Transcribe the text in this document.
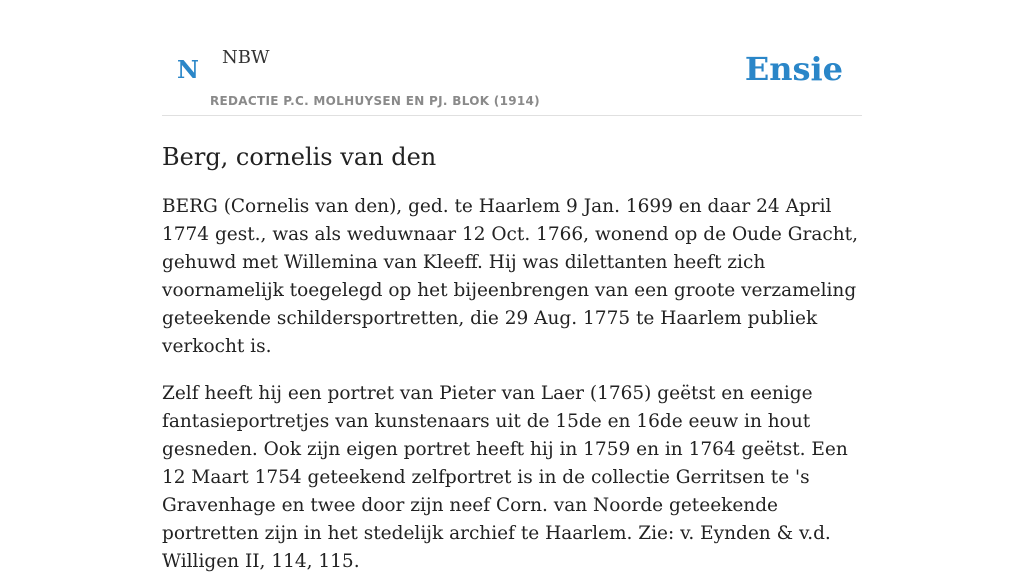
N NBW
REDACTIE P.C. MOLHUYSEN EN PJ. BLOK (1914)
Ensie
Berg, cornelis van den

BERG (Cornelis van den), ged. te Haarlem 9 Jan. 1699 en daar 24 April 1774 gest., was als weduwnaar 12 Oct. 1766, wonend op de Oude Gracht, gehuwd met Willemina van Kleeff. Hij was dilettanten heeft zich voornamelijk toegelegd op het bijeenbrengen van een groote verzameling geteekende schildersportretten, die 29 Aug. 1775 te Haarlem publiek verkocht is.

Zelf heeft hij een portret van Pieter van Laer (1765) geëtst en eenige fantasieportretjes van kunstenaars uit de 15de en 16de eeuw in hout gesneden. Ook zijn eigen portret heeft hij in 1759 en in 1764 geëtst. Een 12 Maart 1754 geteekend zelfportret is in de collectie Gerritsen te 's Gravenhage en twee door zijn neef Corn. van Noorde geteekende portretten zijn in het stedelijk archief te Haarlem. Zie: v. Eynden & v.d. Willigen II, 114, 115.
